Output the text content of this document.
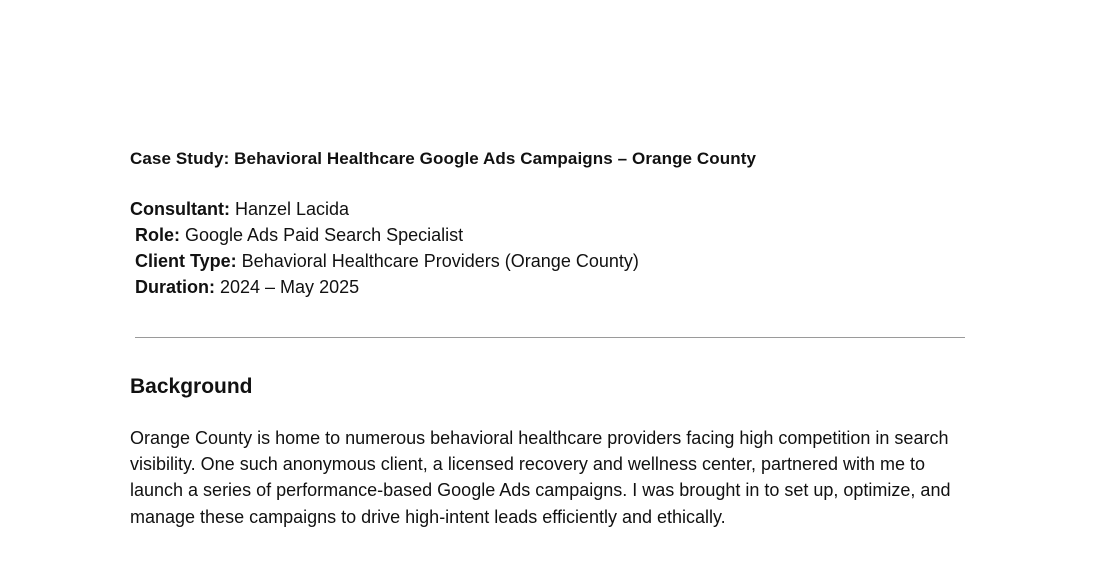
Case Study: Behavioral Healthcare Google Ads Campaigns – Orange County
Consultant: Hanzel Lacida
Role: Google Ads Paid Search Specialist
Client Type: Behavioral Healthcare Providers (Orange County)
Duration: 2024 – May 2025
Background

Orange County is home to numerous behavioral healthcare providers facing high competition in search visibility. One such anonymous client, a licensed recovery and wellness center, partnered with me to launch a series of performance-based Google Ads campaigns. I was brought in to set up, optimize, and manage these campaigns to drive high-intent leads efficiently and ethically.
